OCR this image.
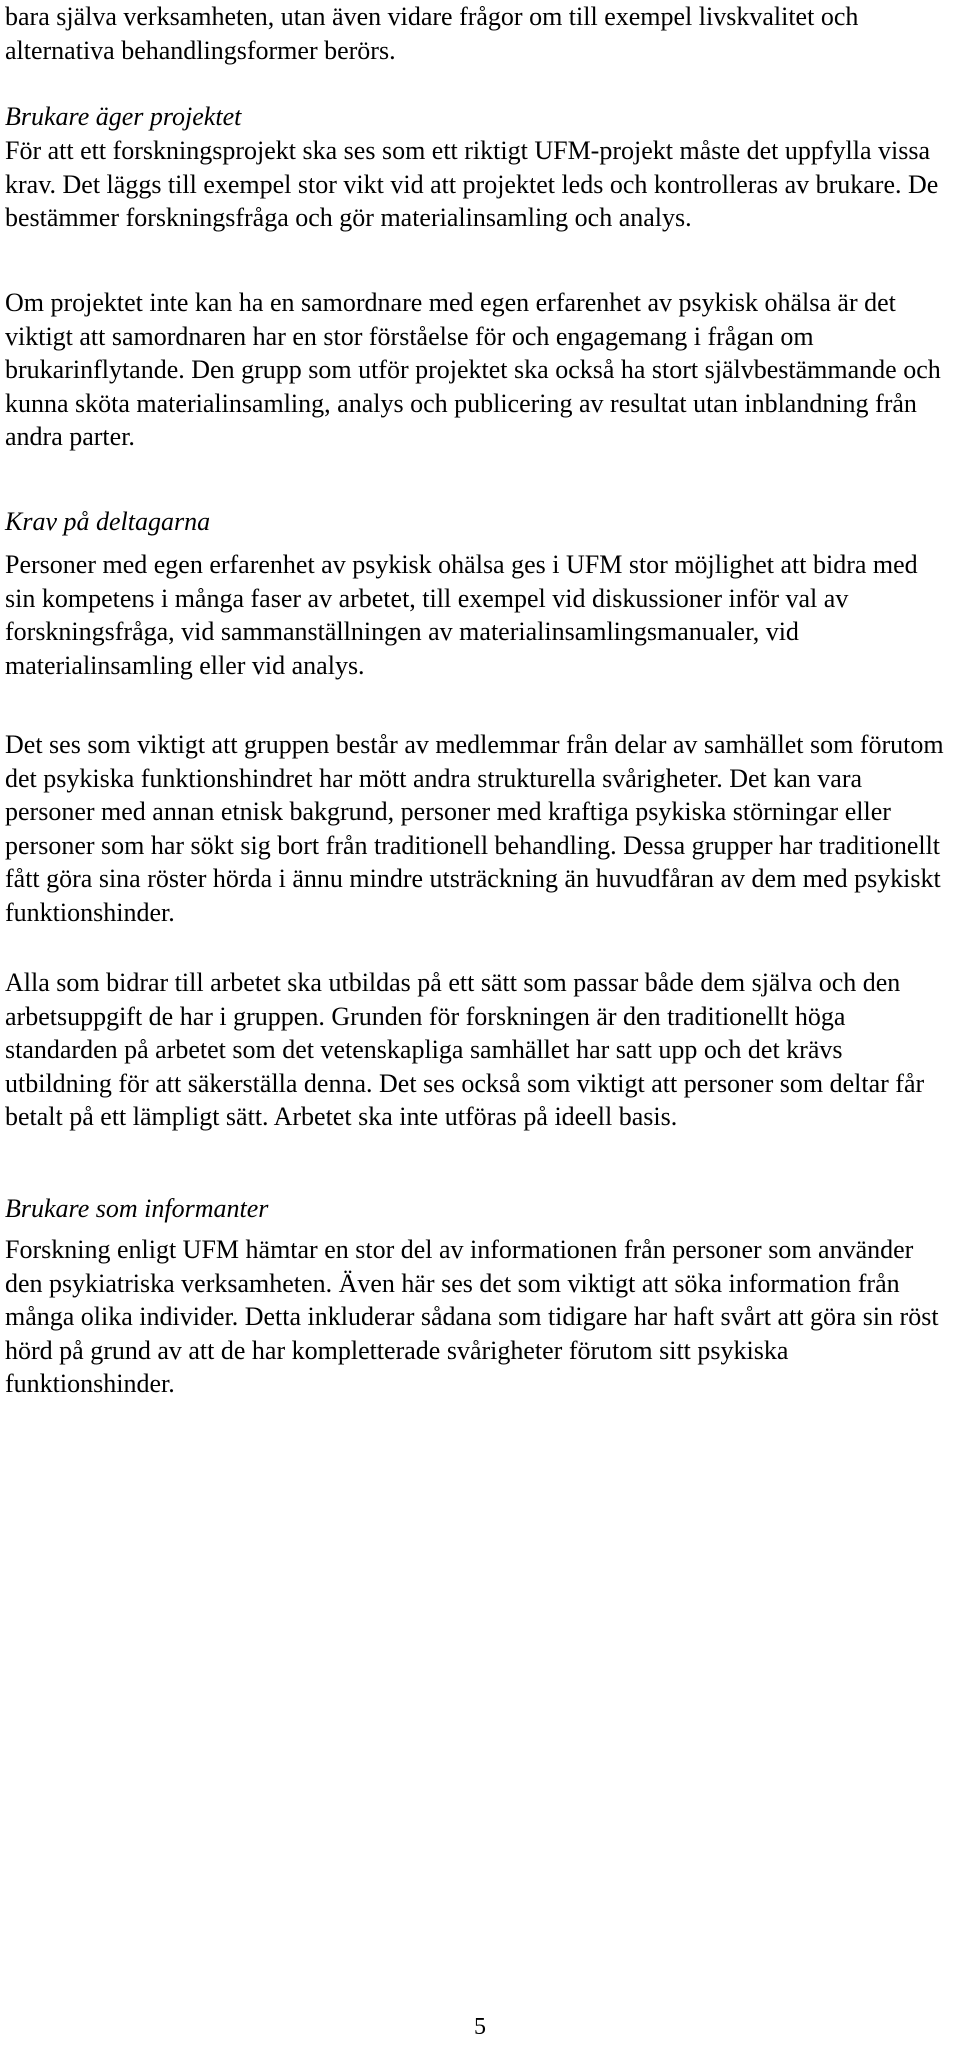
bara själva verksamheten, utan även vidare frågor om till exempel livskvalitet och alternativa behandlingsformer berörs.

Brukare äger projektet

För att ett forskningsprojekt ska ses som ett riktigt UFM-projekt måste det uppfylla vissa krav. Det läggs till exempel stor vikt vid att projektet leds och kontrolleras av brukare. De bestämmer forskningsfråga och gör materialinsamling och analys.

Om projektet inte kan ha en samordnare med egen erfarenhet av psykisk ohälsa är det viktigt att samordnaren har en stor förståelse för och engagemang i frågan om brukarinflytande. Den grupp som utför projektet ska också ha stort självbestämmande och kunna sköta materialinsamling, analys och publicering av resultat utan inblandning från andra parter.

Krav på deltagarna

Personer med egen erfarenhet av psykisk ohälsa ges i UFM stor möjlighet att bidra med sin kompetens i många faser av arbetet, till exempel vid diskussioner inför val av forskningsfråga, vid sammanställningen av materialinsamlingsmanualer, vid materialinsamling eller vid analys.

Det ses som viktigt att gruppen består av medlemmar från delar av samhället som förutom det psykiska funktionshindret har mött andra strukturella svårigheter. Det kan vara personer med annan etnisk bakgrund, personer med kraftiga psykiska störningar eller personer som har sökt sig bort från traditionell behandling. Dessa grupper har traditionellt fått göra sina röster hörda i ännu mindre utsträckning än huvudfåran av dem med psykiskt funktionshinder.

Alla som bidrar till arbetet ska utbildas på ett sätt som passar både dem själva och den arbetsuppgift de har i gruppen. Grunden för forskningen är den traditionellt höga standarden på arbetet som det vetenskapliga samhället har satt upp och det krävs utbildning för att säkerställa denna. Det ses också som viktigt att personer som deltar får betalt på ett lämpligt sätt. Arbetet ska inte utföras på ideell basis.

Brukare som informanter

Forskning enligt UFM hämtar en stor del av informationen från personer som använder den psykiatriska verksamheten. Även här ses det som viktigt att söka information från många olika individer. Detta inkluderar sådana som tidigare har haft svårt att göra sin röst hörd på grund av att de har kompletterade svårigheter förutom sitt psykiska funktionshinder.

5
